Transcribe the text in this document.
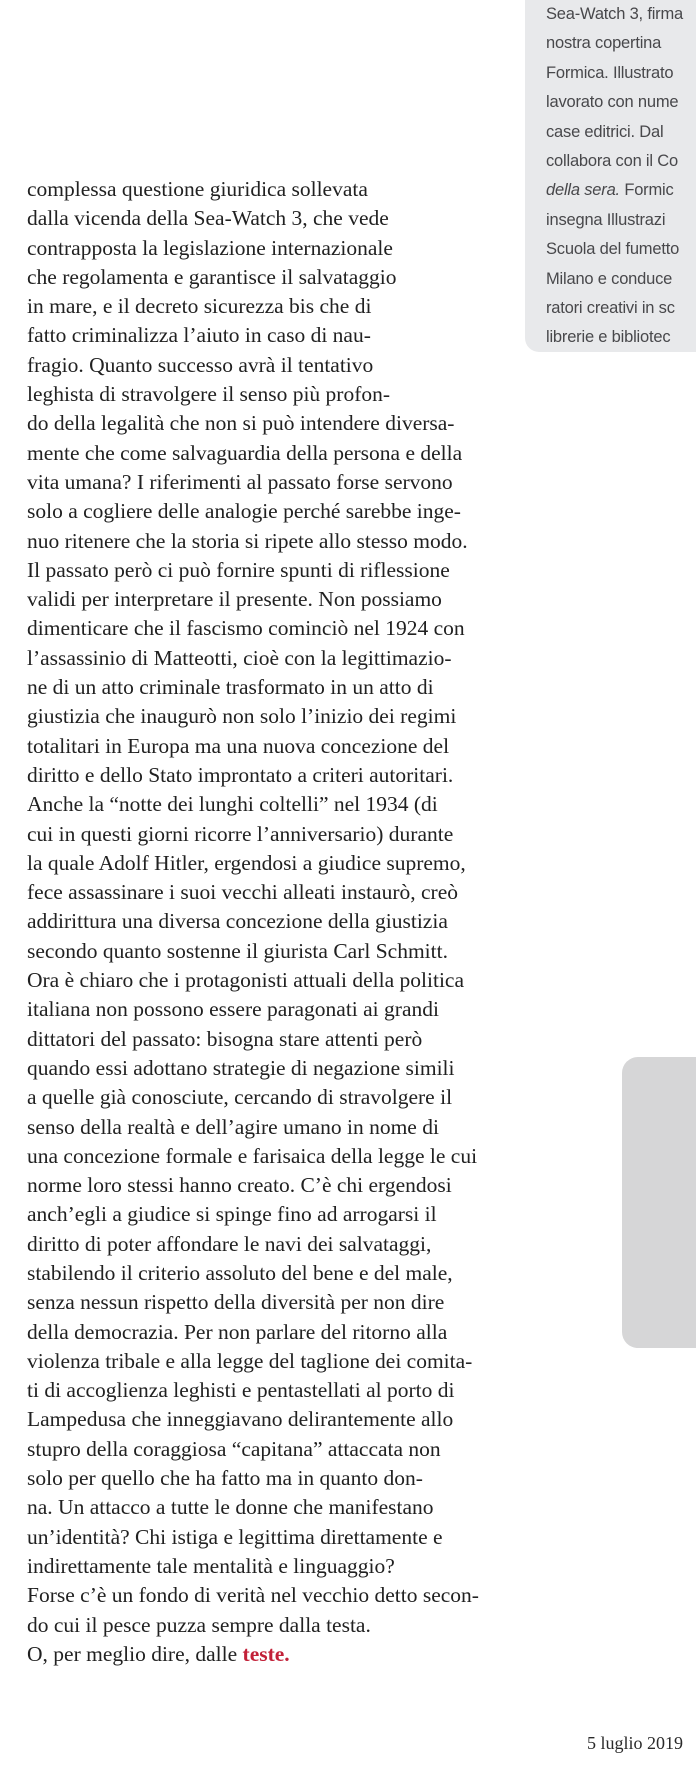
Sea-Watch 3, firma
nostra copertina
Formica. Illustrato
lavorato con nume
case editrici. Dal
collabora con il Co
della sera. Formic
insegna Illustrazi
Scuola del fumetto
Milano e conduce
ratori creativi in sc
librerie e bibliotec
complessa questione giuridica sollevata
dalla vicenda della Sea-Watch 3, che vede
contrapposta la legislazione internazionale
che regolamenta e garantisce il salvataggio
in mare, e il decreto sicurezza bis che di
fatto criminalizza l’aiuto in caso di nau-
fragio. Quanto successo avrà il tentativo
leghista di stravolgere il senso più profon-
do della legalità che non si può intendere diversa-
mente che come salvaguardia della persona e della
vita umana? I riferimenti al passato forse servono
solo a cogliere delle analogie perché sarebbe inge-
nuo ritenere che la storia si ripete allo stesso modo.
Il passato però ci può fornire spunti di riflessione
validi per interpretare il presente. Non possiamo
dimenticare che il fascismo cominciò nel 1924 con
l’assassinio di Matteotti, cioè con la legittimazio-
ne di un atto criminale trasformato in un atto di
giustizia che inaugurò non solo l’inizio dei regimi
totalitari in Europa ma una nuova concezione del
diritto e dello Stato improntato a criteri autoritari.
Anche la “notte dei lunghi coltelli” nel 1934 (di
cui in questi giorni ricorre l’anniversario) durante
la quale Adolf Hitler, ergendosi a giudice supremo,
fece assassinare i suoi vecchi alleati instaurò, creò
addirittura una diversa concezione della giustizia
secondo quanto sostenne il giurista Carl Schmitt.
Ora è chiaro che i protagonisti attuali della politica
italiana non possono essere paragonati ai grandi
dittatori del passato: bisogna stare attenti però
quando essi adottano strategie di negazione simili
a quelle già conosciute, cercando di stravolgere il
senso della realtà e dell’agire umano in nome di
una concezione formale e farisaica della legge le cui
norme loro stessi hanno creato. C’è chi ergendosi
anch’egli a giudice si spinge fino ad arrogarsi il
diritto di poter affondare le navi dei salvataggi,
stabilendo il criterio assoluto del bene e del male,
senza nessun rispetto della diversità per non dire
della democrazia. Per non parlare del ritorno alla
violenza tribale e alla legge del taglione dei comita-
ti di accoglienza leghisti e pentastellati al porto di
Lampedusa che inneggiavano delirantemente allo
stupro della coraggiosa “capitana” attaccata non
solo per quello che ha fatto ma in quanto don-
na. Un attacco a tutte le donne che manifestano
un’identità? Chi istiga e legittima direttamente e
indirettamente tale mentalità e linguaggio?
Forse c’è un fondo di verità nel vecchio detto secon-
do cui il pesce puzza sempre dalla testa.
O, per meglio dire, dalle teste.
5 luglio 2019
